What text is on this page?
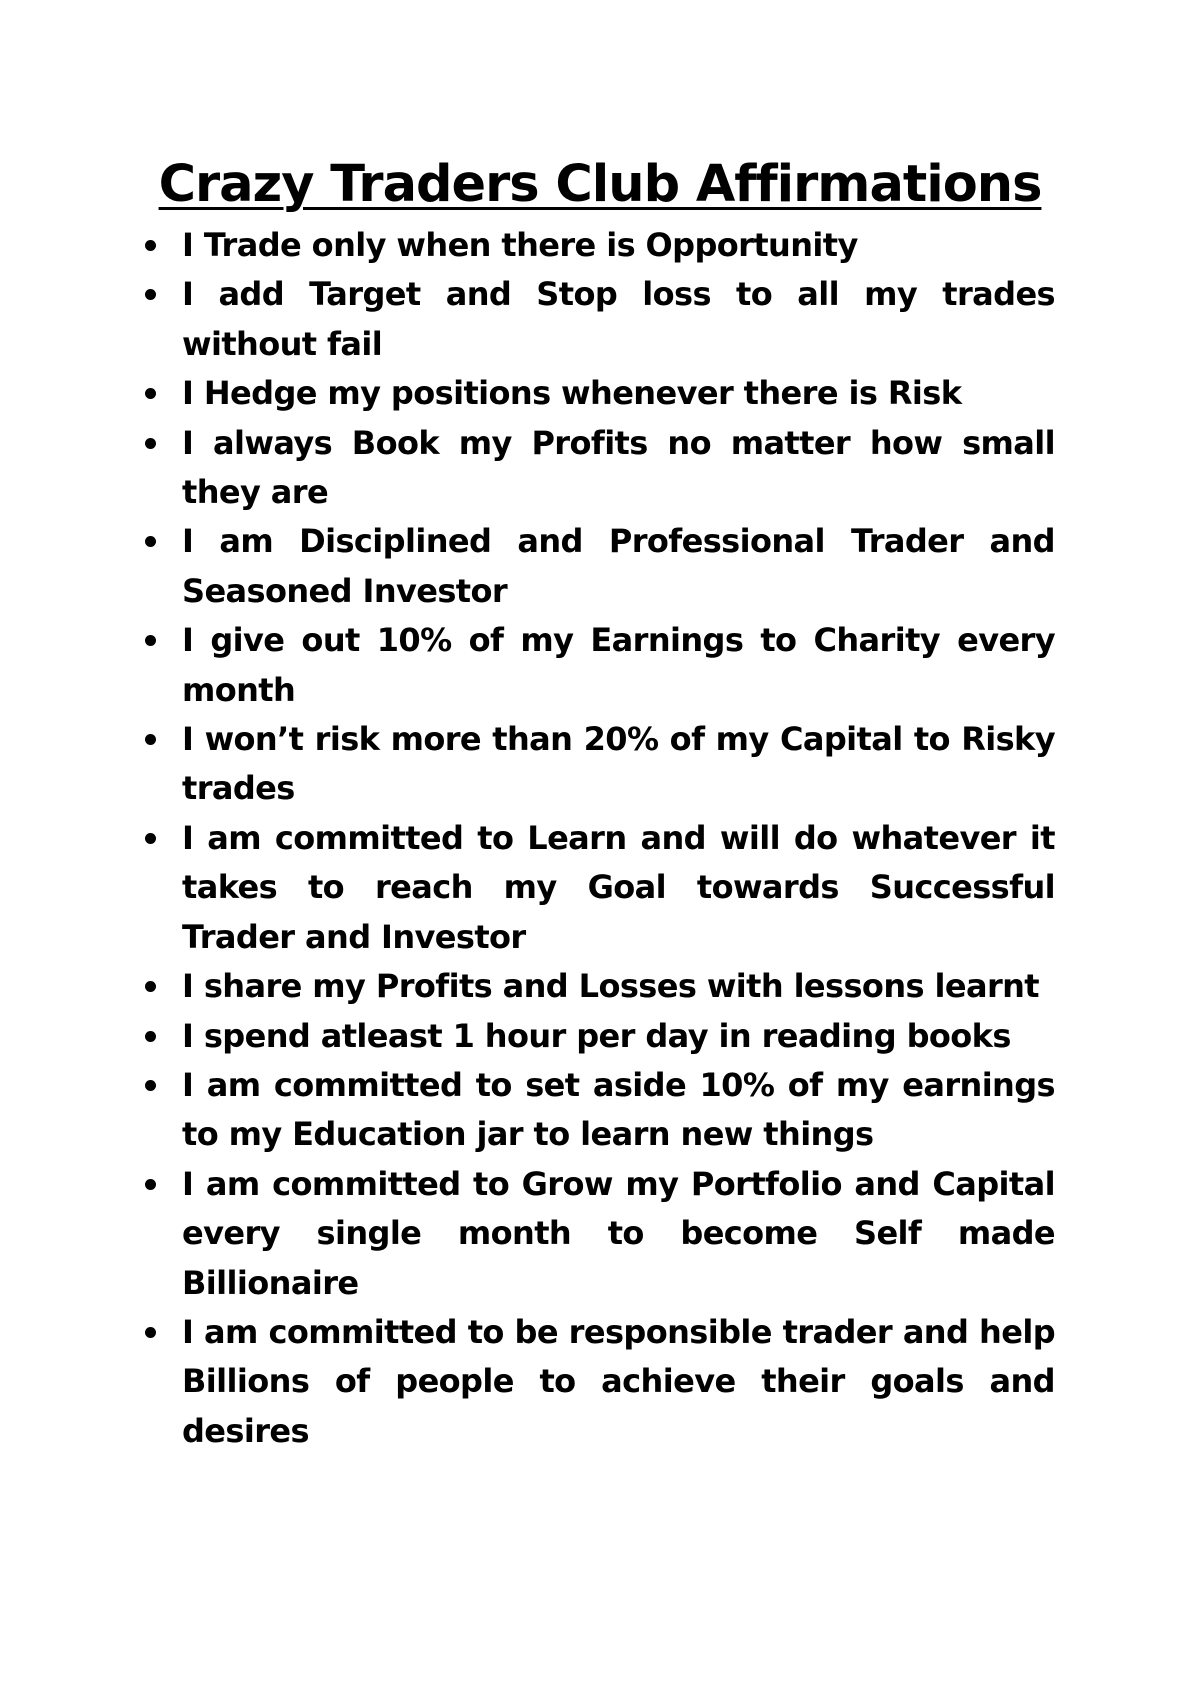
Crazy Traders Club Affirmations
I Trade only when there is Opportunity
I add Target and Stop loss to all my trades without fail
I Hedge my positions whenever there is Risk
I always Book my Profits no matter how small they are
I am Disciplined and Professional Trader and Seasoned Investor
I give out 10% of my Earnings to Charity every month
I won’t risk more than 20% of my Capital to Risky trades
I am committed to Learn and will do whatever it takes to reach my Goal towards Successful Trader and Investor
I share my Profits and Losses with lessons learnt
I spend atleast 1 hour per day in reading books
I am committed to set aside 10% of my earnings to my Education jar to learn new things
I am committed to Grow my Portfolio and Capital every single month to become Self made Billionaire
I am committed to be responsible trader and help Billions of people to achieve their goals and desires
